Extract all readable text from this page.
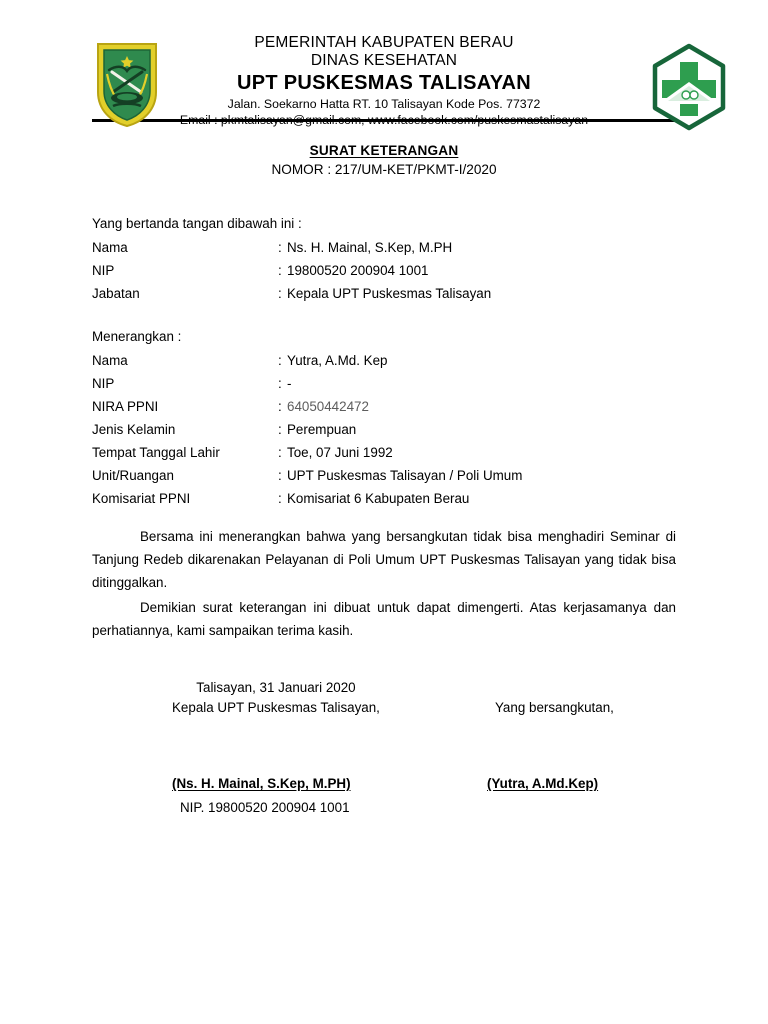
PEMERINTAH KABUPATEN BERAU
DINAS KESEHATAN
UPT PUSKESMAS TALISAYAN
Jalan. Soekarno Hatta RT. 10 Talisayan Kode Pos. 77372
Email : pkmtalisayan@gmail.com, www.facebook.com/puskesmastalisayan
SURAT KETERANGAN
NOMOR : 217/UM-KET/PKMT-I/2020
Yang bertanda tangan dibawah ini :
Nama	:	Ns. H. Mainal, S.Kep, M.PH
NIP	:	19800520 200904 1001
Jabatan	:	Kepala UPT Puskesmas Talisayan
Menerangkan :
Nama	:	Yutra, A.Md. Kep
NIP	:	-
NIRA PPNI	:	64050442472
Jenis Kelamin	:	Perempuan
Tempat Tanggal Lahir	:	Toe, 07 Juni 1992
Unit/Ruangan	:	UPT Puskesmas Talisayan / Poli Umum
Komisariat PPNI	:	Komisariat 6 Kabupaten Berau

Bersama ini menerangkan bahwa yang bersangkutan tidak bisa menghadiri Seminar di Tanjung Redeb dikarenakan Pelayanan di Poli Umum UPT Puskesmas Talisayan yang tidak bisa ditinggalkan.

Demikian surat keterangan ini dibuat untuk dapat dimengerti. Atas kerjasamanya dan perhatiannya, kami sampaikan terima kasih.

Talisayan, 31 Januari 2020
Kepala UPT Puskesmas Talisayan,
(Ns. H. Mainal, S.Kep, M.PH)
NIP. 19800520 200904 1001

Yang bersangkutan,
(Yutra, A.Md.Kep)
